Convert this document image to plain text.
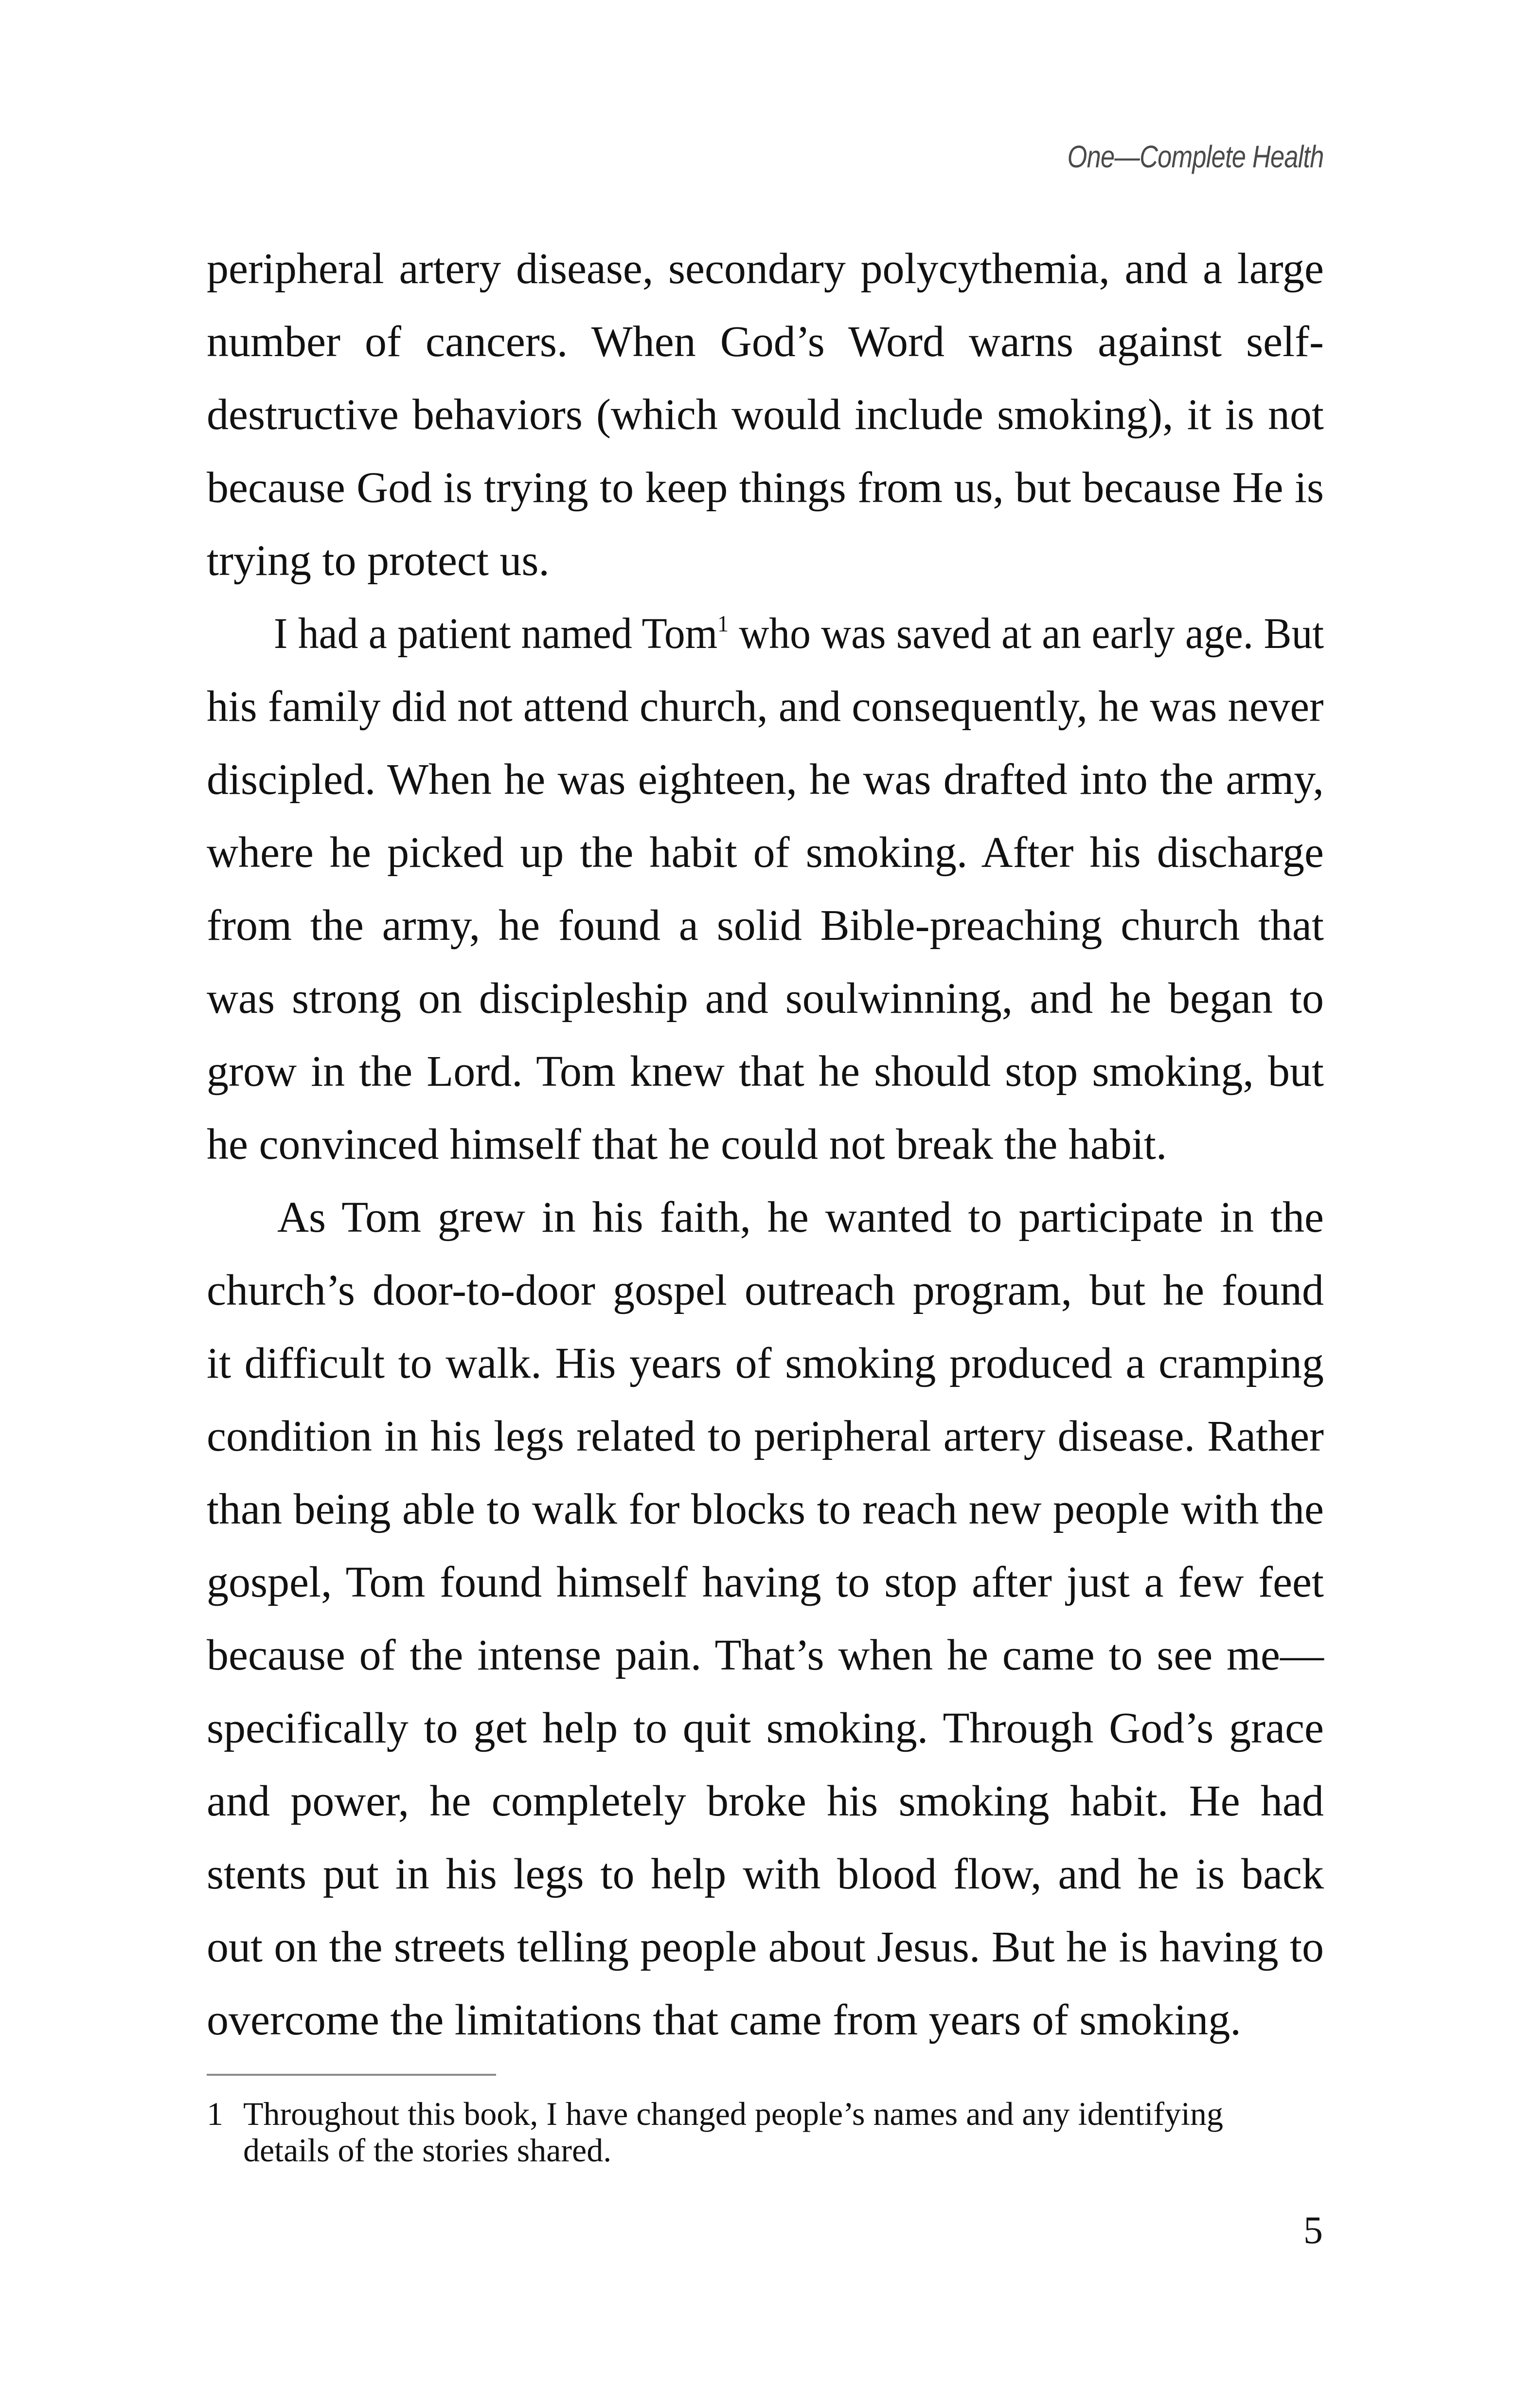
One—Complete Health
peripheral artery disease, secondary polycythemia, and a large
number of cancers. When God’s Word warns against self-
destructive behaviors (which would include smoking), it is not
because God is trying to keep things from us, but because He is
trying to protect us.
I had a patient named Tom$^1$ who was saved at an early age. But
his family did not attend church, and consequently, he was never
discipled. When he was eighteen, he was drafted into the army,
where he picked up the habit of smoking. After his discharge
from the army, he found a solid Bible-preaching church that
was strong on discipleship and soulwinning, and he began to
grow in the Lord. Tom knew that he should stop smoking, but
he convinced himself that he could not break the habit.
As Tom grew in his faith, he wanted to participate in the
church’s door-to-door gospel outreach program, but he found
it difficult to walk. His years of smoking produced a cramping
condition in his legs related to peripheral artery disease. Rather
than being able to walk for blocks to reach new people with the
gospel, Tom found himself having to stop after just a few feet
because of the intense pain. That’s when he came to see me—
specifically to get help to quit smoking. Through God’s grace
and power, he completely broke his smoking habit. He had
stents put in his legs to help with blood flow, and he is back
out on the streets telling people about Jesus. But he is having to
overcome the limitations that came from years of smoking.
1 Throughout this book, I have changed people’s names and any identifying
details of the stories shared.
5
